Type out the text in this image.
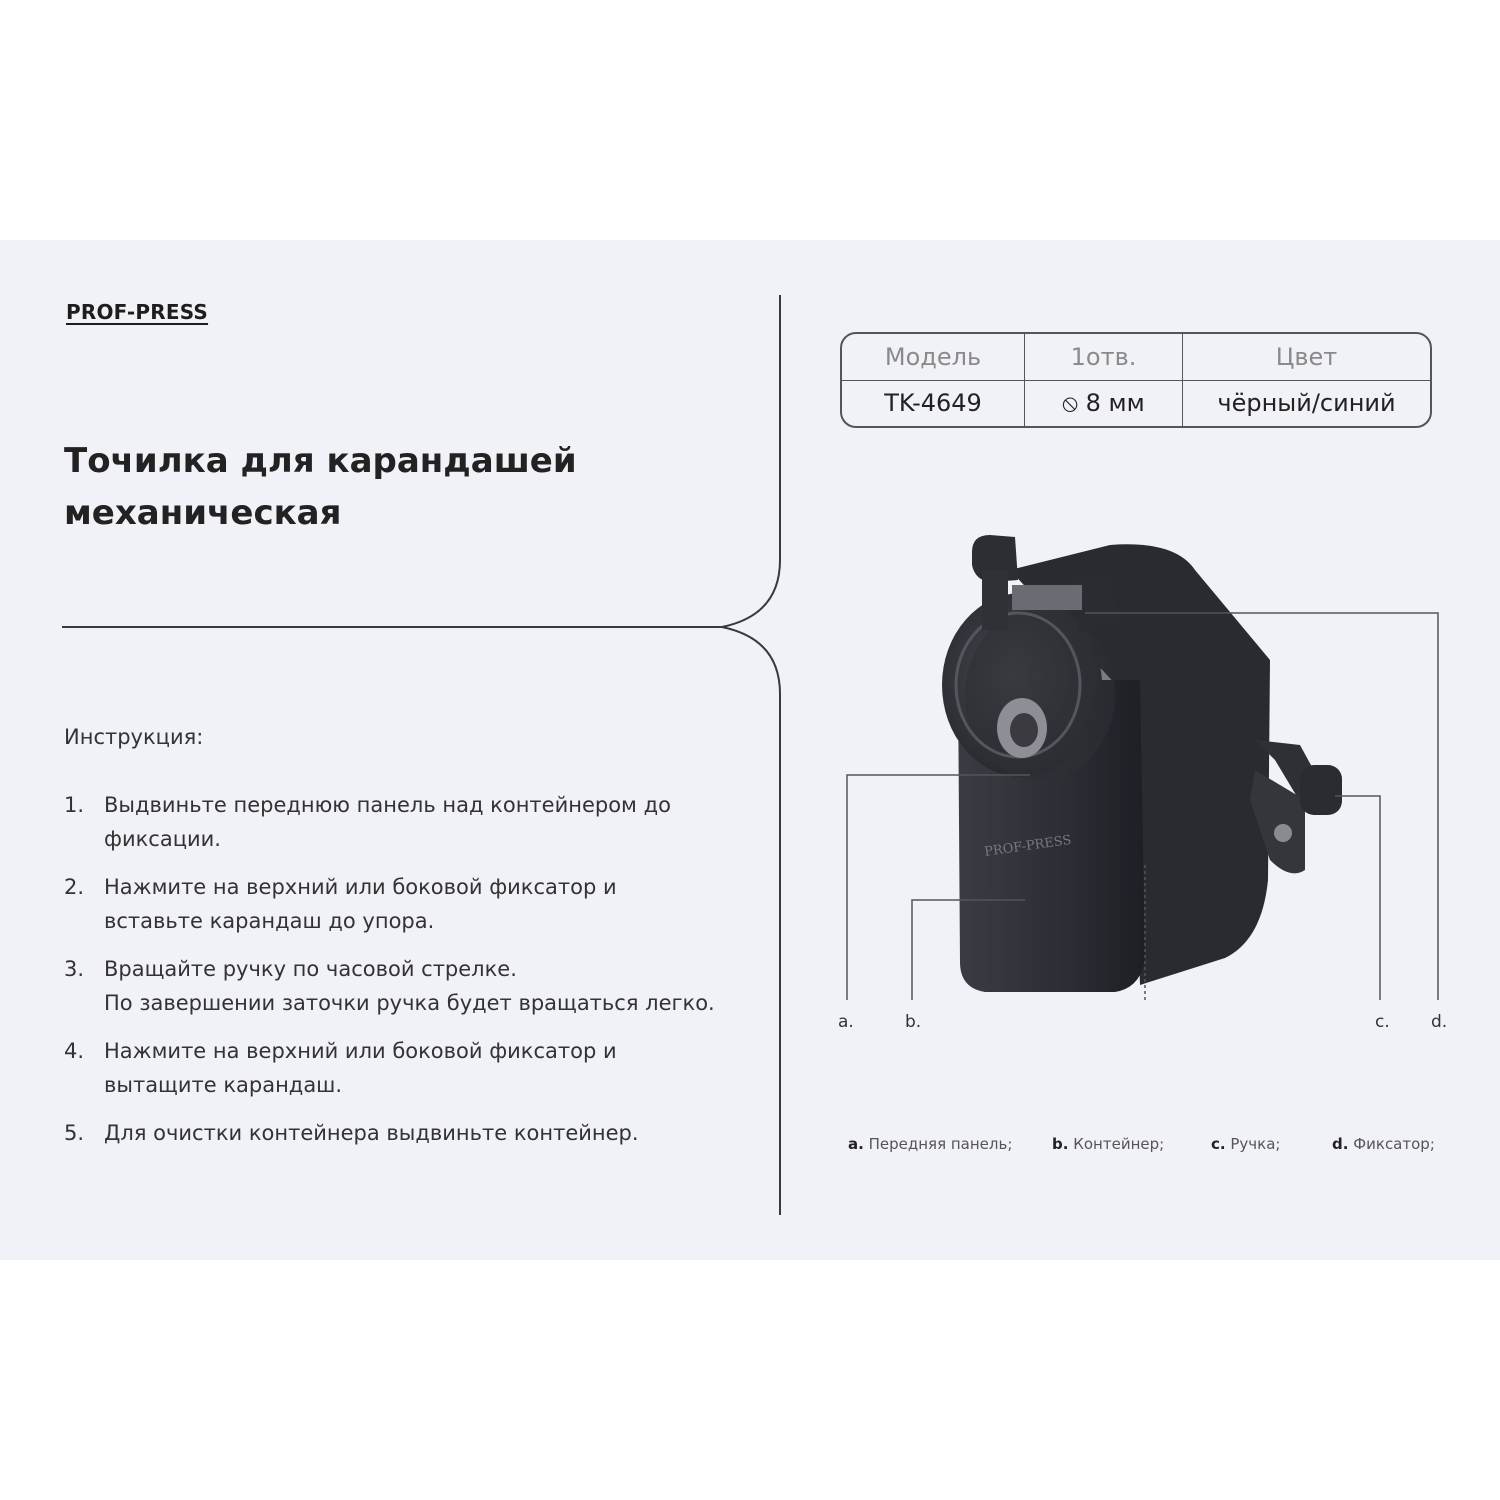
PROF-PRESS
Точилка для карандашей
механическая
Инструкция:
1. Выдвиньте переднюю панель над контейнером до
фиксации.
2. Нажмите на верхний или боковой фиксатор и
вставьте карандаш до упора.
3. Вращайте ручку по часовой стрелке.
По завершении заточки ручка будет вращаться легко.
4. Нажмите на верхний или боковой фиксатор и
вытащите карандаш.
5. Для очистки контейнера выдвиньте контейнер.
Модель	1отв.	Цвет
TK-4649	⦸ 8 мм	чёрный/синий
PROF-PRESS
a.	b.	c. d.
a. Передняя панель;	b. Контейнер;	c. Ручка;	d. Фиксатор;
